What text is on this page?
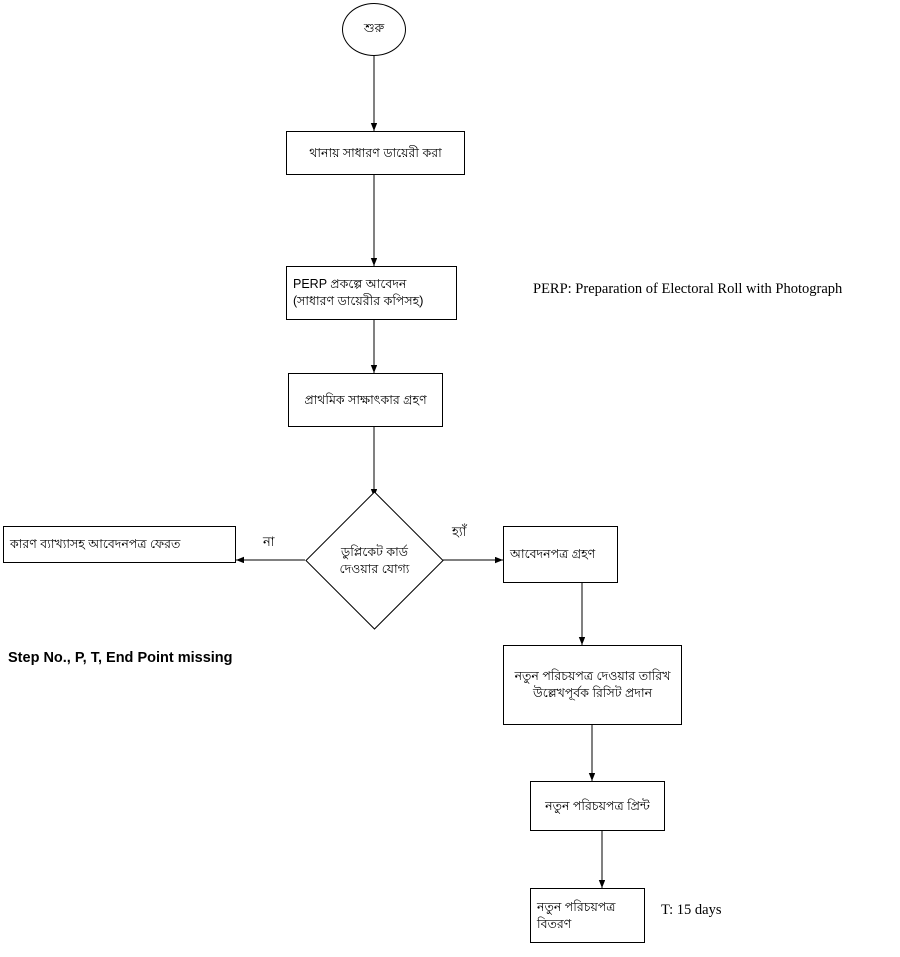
শুরু
থানায় সাধারণ ডায়েরী করা
PERP প্রকল্পে আবেদন (সাধারণ ডায়েরীর কপিসহ)
প্রাথমিক সাক্ষাৎকার গ্রহণ
ডুপ্লিকেট কার্ড
দেওয়ার যোগ্য
না
হ্যাঁ
কারণ ব্যাখ্যাসহ আবেদনপত্র ফেরত
আবেদনপত্র গ্রহণ
নতুন পরিচয়পত্র দেওয়ার তারিখ উল্লেখপূর্বক রিসিট প্রদান
নতুন পরিচয়পত্র প্রিন্ট
নতুন পরিচয়পত্র বিতরণ
PERP: Preparation of Electoral Roll with Photograph
Step No., P, T, End Point missing
T: 15 days
